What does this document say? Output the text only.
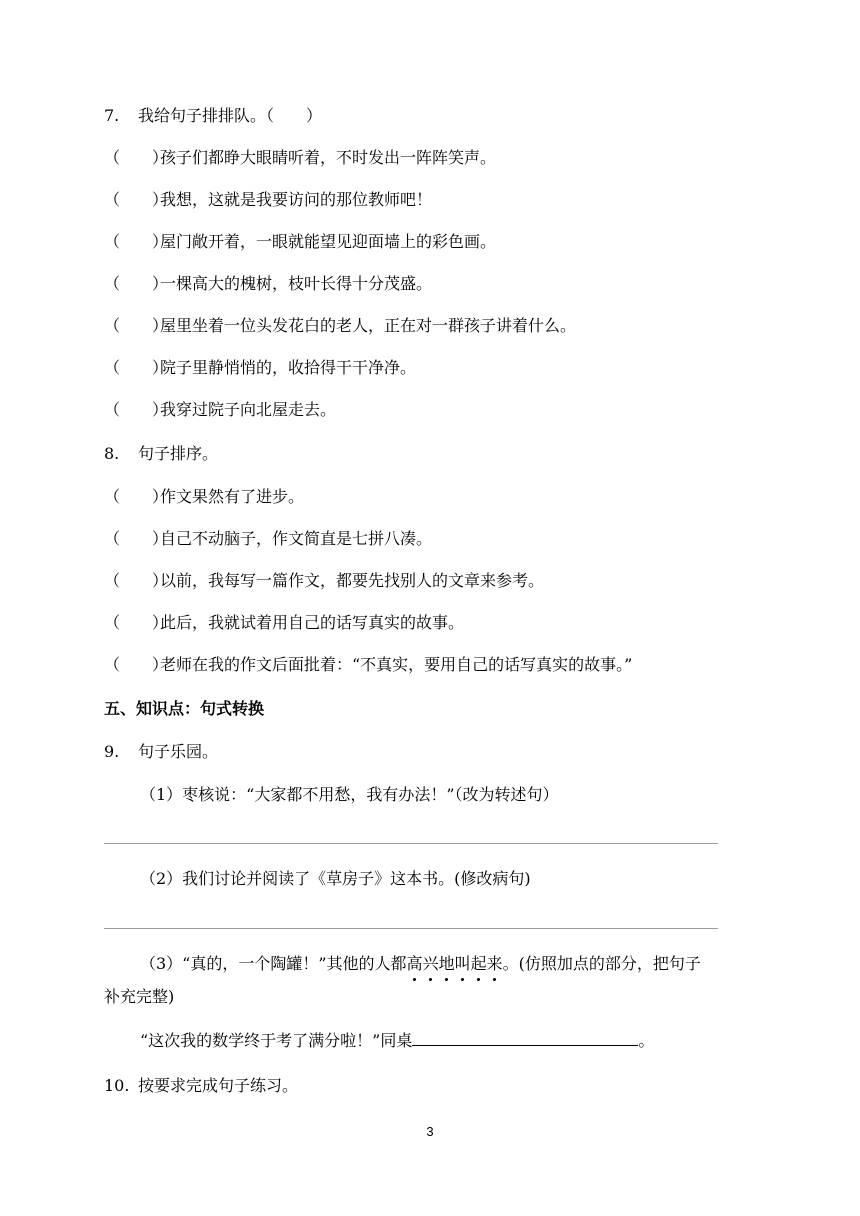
7. 我给句子排排队。（　　）
（　　）孩子们都睁大眼睛听着，不时发出一阵阵笑声。
（　　）我想，这就是我要访问的那位教师吧！
（　　）屋门敞开着，一眼就能望见迎面墙上的彩色画。
（　　）一棵高大的槐树，枝叶长得十分茂盛。
（　　）屋里坐着一位头发花白的老人，正在对一群孩子讲着什么。
（　　）院子里静悄悄的，收拾得干干净净。
（　　）我穿过院子向北屋走去。
8. 句子排序。
（　　）作文果然有了进步。
（　　）自己不动脑子，作文简直是七拼八凑。
（　　）以前，我每写一篇作文，都要先找别人的文章来参考。
（　　）此后，我就试着用自己的话写真实的故事。
（　　）老师在我的作文后面批着：“不真实，要用自己的话写真实的故事。”
五、知识点：句式转换
9. 句子乐园。
（1）枣核说：“大家都不用愁，我有办法！”（改为转述句）
（2）我们讨论并阅读了《草房子》这本书。(修改病句)
（3）“真的，一个陶罐！”其他的人都高兴地叫起来。(仿照加点的部分，把句子
补充完整)
“这次我的数学终于考了满分啦！”同桌	。
10. 按要求完成句子练习。
3
